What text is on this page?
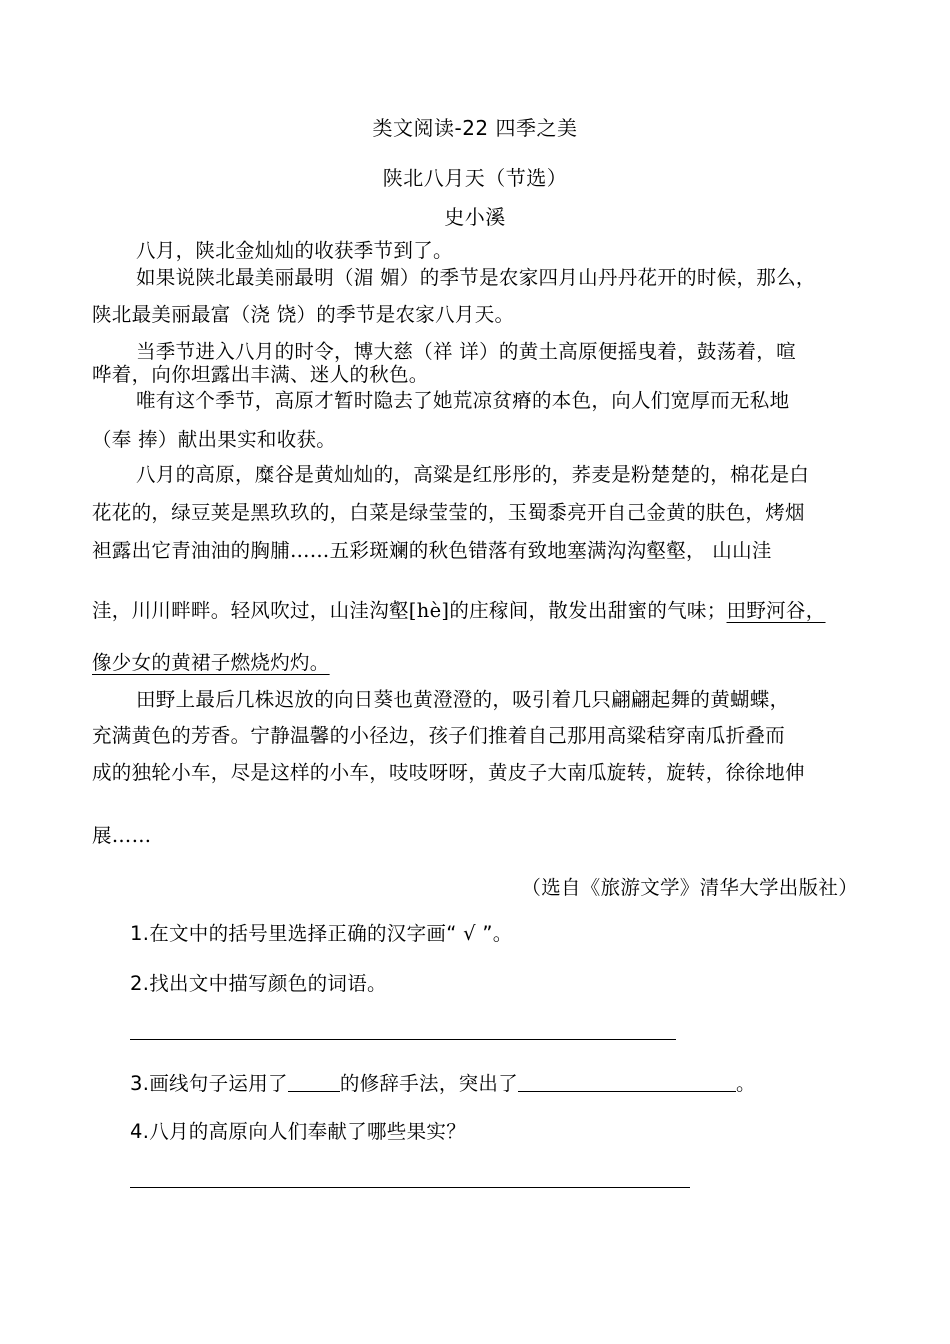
类文阅读-22 四季之美
陕北八月天（节选）
史小溪
八月，陕北金灿灿的收获季节到了。
如果说陕北最美丽最明（湄 媚）的季节是农家四月山丹丹花开的时候，那么，
陕北最美丽最富（浇 饶）的季节是农家八月天。
当季节进入八月的时令，博大慈（祥 详）的黄土高原便摇曳着，鼓荡着，喧
哗着，向你坦露出丰满、迷人的秋色。
唯有这个季节，高原才暂时隐去了她荒凉贫瘠的本色，向人们宽厚而无私地
（奉 捧）献出果实和收获。
八月的高原，糜谷是黄灿灿的，高粱是红彤彤的，荞麦是粉楚楚的，棉花是白
花花的，绿豆荚是黑玖玖的，白菜是绿莹莹的，玉蜀黍亮开自己金黄的肤色，烤烟
袒露出它青油油的胸脯……五彩斑斓的秋色错落有致地塞满沟沟壑壑， 山山洼
洼，川川畔畔。轻风吹过，山洼沟壑[hè]的庄稼间，散发出甜蜜的气味；田野河谷，
像少女的黄裙子燃烧灼灼。
田野上最后几株迟放的向日葵也黄澄澄的，吸引着几只翩翩起舞的黄蝴蝶，
充满黄色的芳香。宁静温馨的小径边，孩子们推着自己那用高粱秸穿南瓜折叠而
成的独轮小车，尽是这样的小车，吱吱呀呀，黄皮子大南瓜旋转，旋转，徐徐地伸
展……
（选自《旅游文学》清华大学出版社）
1.在文中的括号里选择正确的汉字画“ √ ”。
2.找出文中描写颜色的词语。
3.画线句子运用了	的修辞手法，突出了	。
4.八月的高原向人们奉献了哪些果实？
